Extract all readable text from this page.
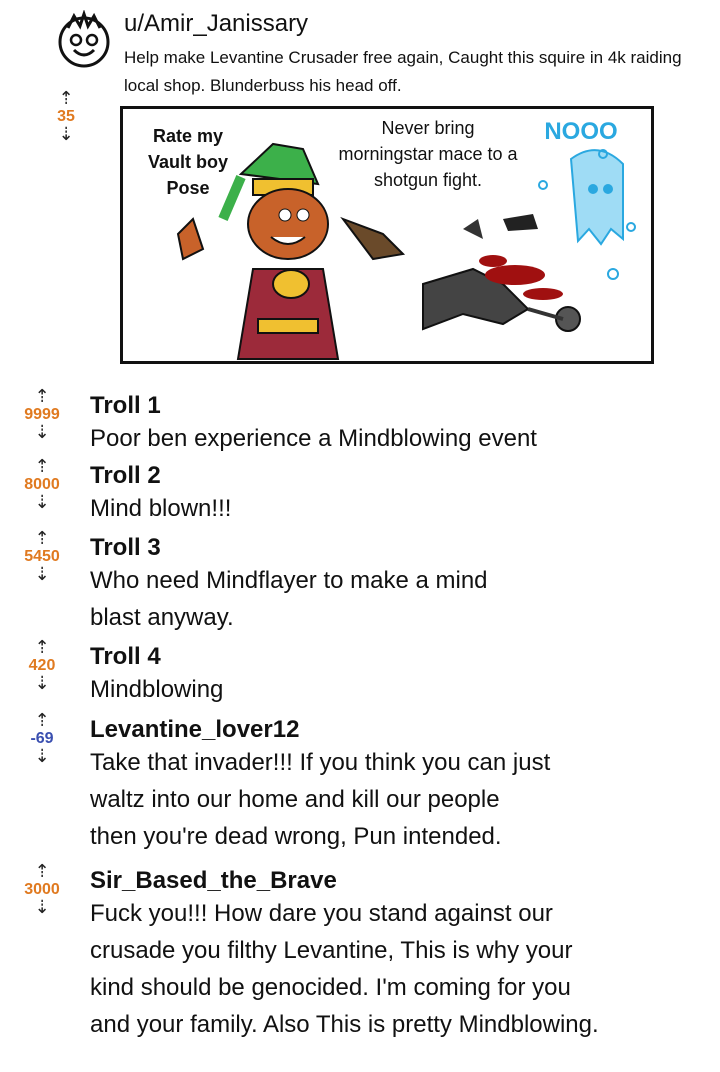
u/Amir_Janissary
Help make Levantine Crusader free again, Caught this squire in 4k raiding local shop. Blunderbuss his head off.
⇡
35
⇣	Rate my Vault boy Pose
Never bring morningstar mace to a shotgun fight.
NOOO
⇡
9999
⇣
Troll 1
Poor ben experience a Mindblowing event
⇡
8000
⇣
Troll 2
Mind blown!!!
⇡
5450
⇣
Troll 3
Who need Mindflayer to make a mind
blast anyway.
⇡
420
⇣
Troll 4
Mindblowing
⇡
-69
⇣
Levantine_lover12
Take that invader!!! If you think you can just
waltz into our home and kill our people
then you're dead wrong, Pun intended.
⇡
3000
⇣
Sir_Based_the_Brave
Fuck you!!! How dare you stand against our
crusade you filthy Levantine, This is why your
kind should be genocided. I'm coming for you
and your family. Also This is pretty Mindblowing.
